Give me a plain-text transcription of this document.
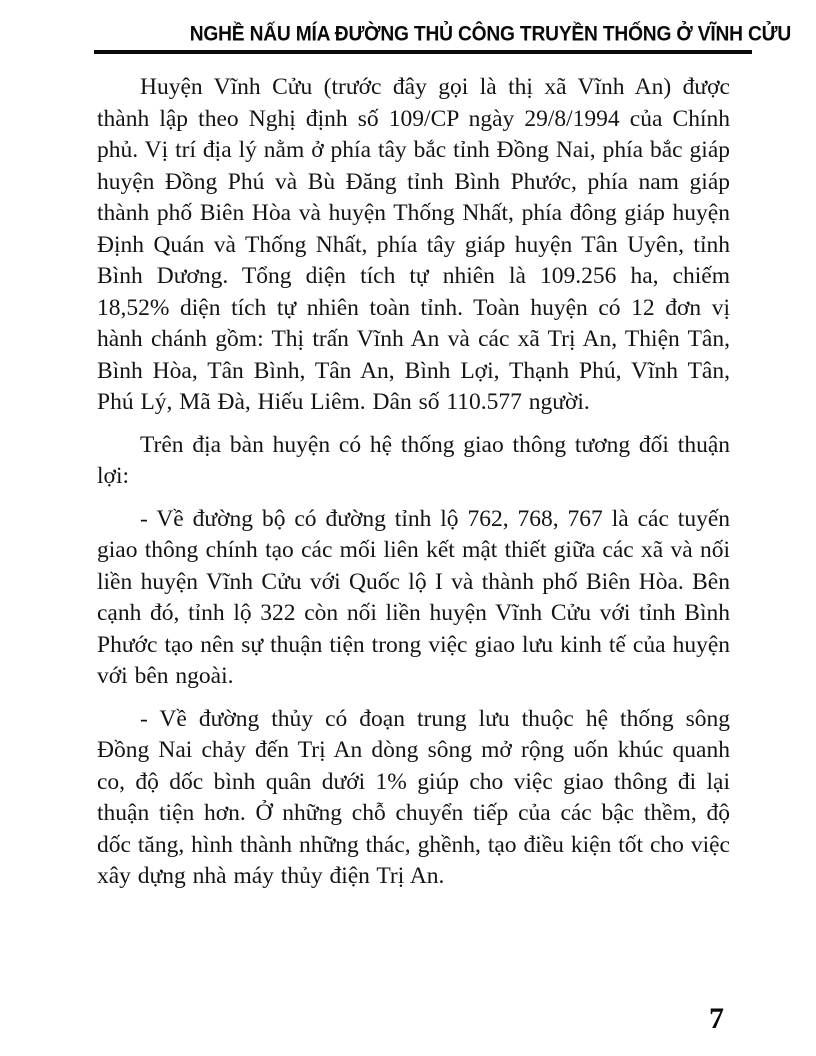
NGHỀ NẤU MÍA ĐƯỜNG THỦ CÔNG TRUYỀN THỐNG Ở VĨNH CỬU

Huyện Vĩnh Cửu (trước đây gọi là thị xã Vĩnh An) được thành lập theo Nghị định số 109/CP ngày 29/8/1994 của Chính phủ. Vị trí địa lý nằm ở phía tây bắc tỉnh Đồng Nai, phía bắc giáp huyện Đồng Phú và Bù Đăng tỉnh Bình Phước, phía nam giáp thành phố Biên Hòa và huyện Thống Nhất, phía đông giáp huyện Định Quán và Thống Nhất, phía tây giáp huyện Tân Uyên, tỉnh Bình Dương. Tổng diện tích tự nhiên là 109.256 ha, chiếm 18,52% diện tích tự nhiên toàn tỉnh. Toàn huyện có 12 đơn vị hành chánh gồm: Thị trấn Vĩnh An và các xã Trị An, Thiện Tân, Bình Hòa, Tân Bình, Tân An, Bình Lợi, Thạnh Phú, Vĩnh Tân, Phú Lý, Mã Đà, Hiếu Liêm. Dân số 110.577 người.

Trên địa bàn huyện có hệ thống giao thông tương đối thuận lợi:

- Về đường bộ có đường tỉnh lộ 762, 768, 767 là các tuyến giao thông chính tạo các mối liên kết mật thiết giữa các xã và nối liền huyện Vĩnh Cửu với Quốc lộ I và thành phố Biên Hòa. Bên cạnh đó, tỉnh lộ 322 còn nối liền huyện Vĩnh Cửu với tỉnh Bình Phước tạo nên sự thuận tiện trong việc giao lưu kinh tế của huyện với bên ngoài.

- Về đường thủy có đoạn trung lưu thuộc hệ thống sông Đồng Nai chảy đến Trị An dòng sông mở rộng uốn khúc quanh co, độ dốc bình quân dưới 1% giúp cho việc giao thông đi lại thuận tiện hơn. Ở những chỗ chuyển tiếp của các bậc thềm, độ dốc tăng, hình thành những thác, ghềnh, tạo điều kiện tốt cho việc xây dựng nhà máy thủy điện Trị An.

7
